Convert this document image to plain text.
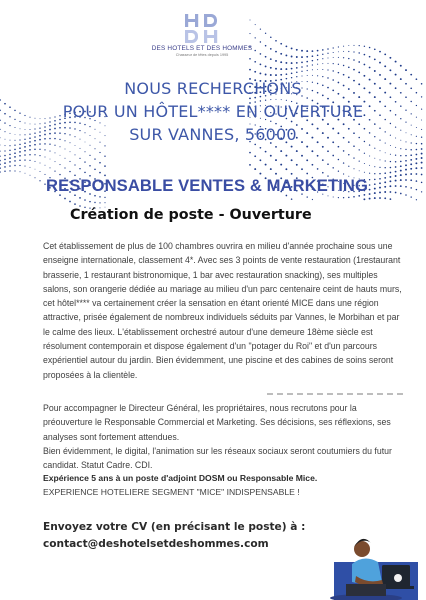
DES HOTELS ET DES HOMMES
Chasseur de têtes depuis 1995
NOUS RECHERCHONS
POUR UN HÔTEL**** EN OUVERTURE
SUR VANNES, 56000
RESPONSABLE VENTES & MARKETING
Création de poste - Ouverture

Cet établissement de plus de 100 chambres ouvrira en milieu d'année prochaine sous une enseigne internationale, classement 4*. Avec ses 3 points de vente restauration (1restaurant brasserie, 1 restaurant bistronomique, 1 bar avec restauration snacking), ses multiples salons, son orangerie dédiée au mariage au milieu d'un parc centenaire ceint de hauts murs, cet hôtel**** va certainement créer la sensation en étant orienté MICE dans une région attractive, prisée également de nombreux individuels séduits par Vannes, le Morbihan et par le calme des lieux. L'établissement orchestré autour d'une demeure 18ème siècle est résolument contemporain et dispose également d'un "potager du Roi" et d'un parcours expérientiel autour du jardin. Bien évidemment, une piscine et des cabines de soins seront proposées à la clientèle.

Pour accompagner le Directeur Général, les propriétaires, nous recrutons pour la préouverture le Responsable Commercial et Marketing. Ses décisions, ses réflexions, ses analyses sont fortement attendues.

Bien évidemment, le digital, l'animation sur les réseaux sociaux seront coutumiers du futur candidat. Statut Cadre. CDI.

Expérience 5 ans à un poste d'adjoint DOSM ou Responsable Mice.
EXPERIENCE HOTELIERE SEGMENT "MICE" INDISPENSABLE !
Envoyez votre CV (en précisant le poste) à :
contact@deshotelsetdeshommes.com
